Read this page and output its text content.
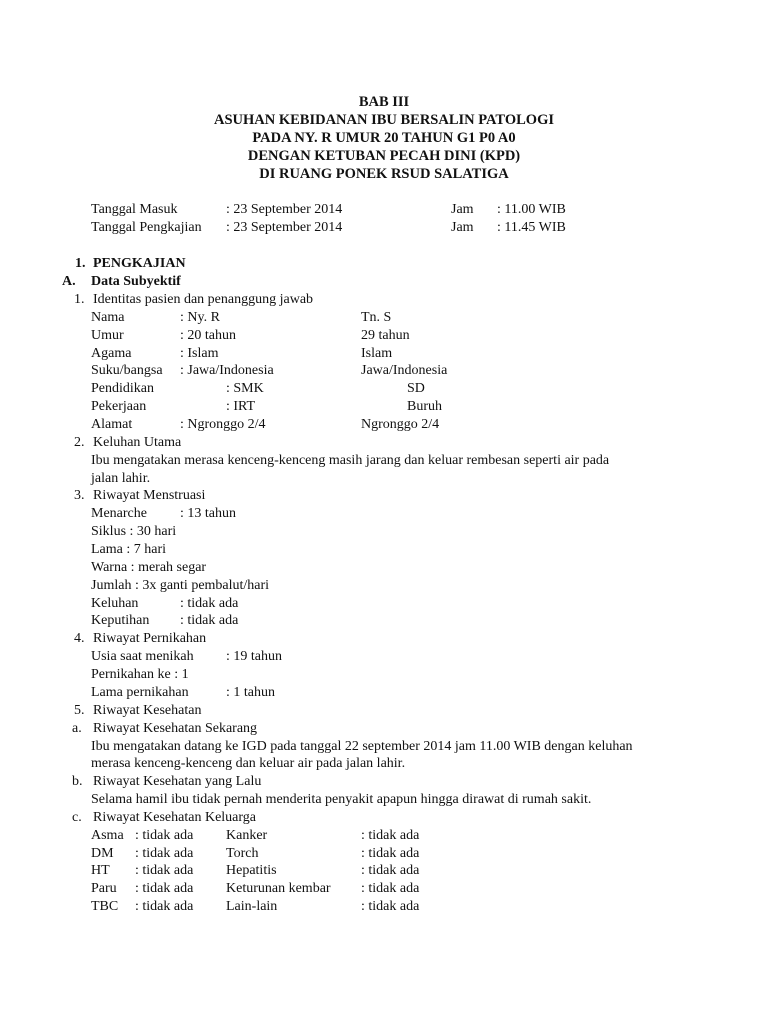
BAB III
ASUHAN KEBIDANAN IBU BERSALIN PATOLOGI
PADA NY. R UMUR 20 TAHUN G1 P0 A0
DENGAN KETUBAN PECAH DINI (KPD)
DI RUANG PONEK RSUD SALATIGA
Tanggal Masuk	: 23 September 2014	Jam : 11.00 WIB
Tanggal Pengkajian : 23 September 2014	Jam : 11.45 WIB
1. PENGKAJIAN
A. Data Subyektif
1. Identitas pasien dan penanggung jawab
Nama	: Ny. R	Tn. S
Umur	: 20 tahun	29 tahun
Agama	: Islam	Islam
Suku/bangsa : Jawa/Indonesia	Jawa/Indonesia
Pendidikan	: SMK	SD
Pekerjaan	: IRT	Buruh
Alamat	: Ngronggo 2/4	Ngronggo 2/4
2. Keluhan Utama
Ibu mengatakan merasa kenceng-kenceng masih jarang dan keluar rembesan seperti air pada
jalan lahir.
3. Riwayat Menstruasi
Menarche : 13 tahun
Siklus : 30 hari
Lama : 7 hari
Warna : merah segar
Jumlah : 3x ganti pembalut/hari
Keluhan	: tidak ada
Keputihan : tidak ada
4. Riwayat Pernikahan
Usia saat menikah : 19 tahun
Pernikahan ke : 1
Lama pernikahan	: 1 tahun
5. Riwayat Kesehatan
a. Riwayat Kesehatan Sekarang
Ibu mengatakan datang ke IGD pada tanggal 22 september 2014 jam 11.00 WIB dengan keluhan
merasa kenceng-kenceng dan keluar air pada jalan lahir.
b. Riwayat Kesehatan yang Lalu
Selama hamil ibu tidak pernah menderita penyakit apapun hingga dirawat di rumah sakit.
c. Riwayat Kesehatan Keluarga
Asma : tidak ada Kanker	: tidak ada
DM : tidak ada Torch	: tidak ada
HT : tidak ada Hepatitis	: tidak ada
Paru : tidak ada Keturunan kembar : tidak ada
TBC : tidak ada Lain-lain	: tidak ada
